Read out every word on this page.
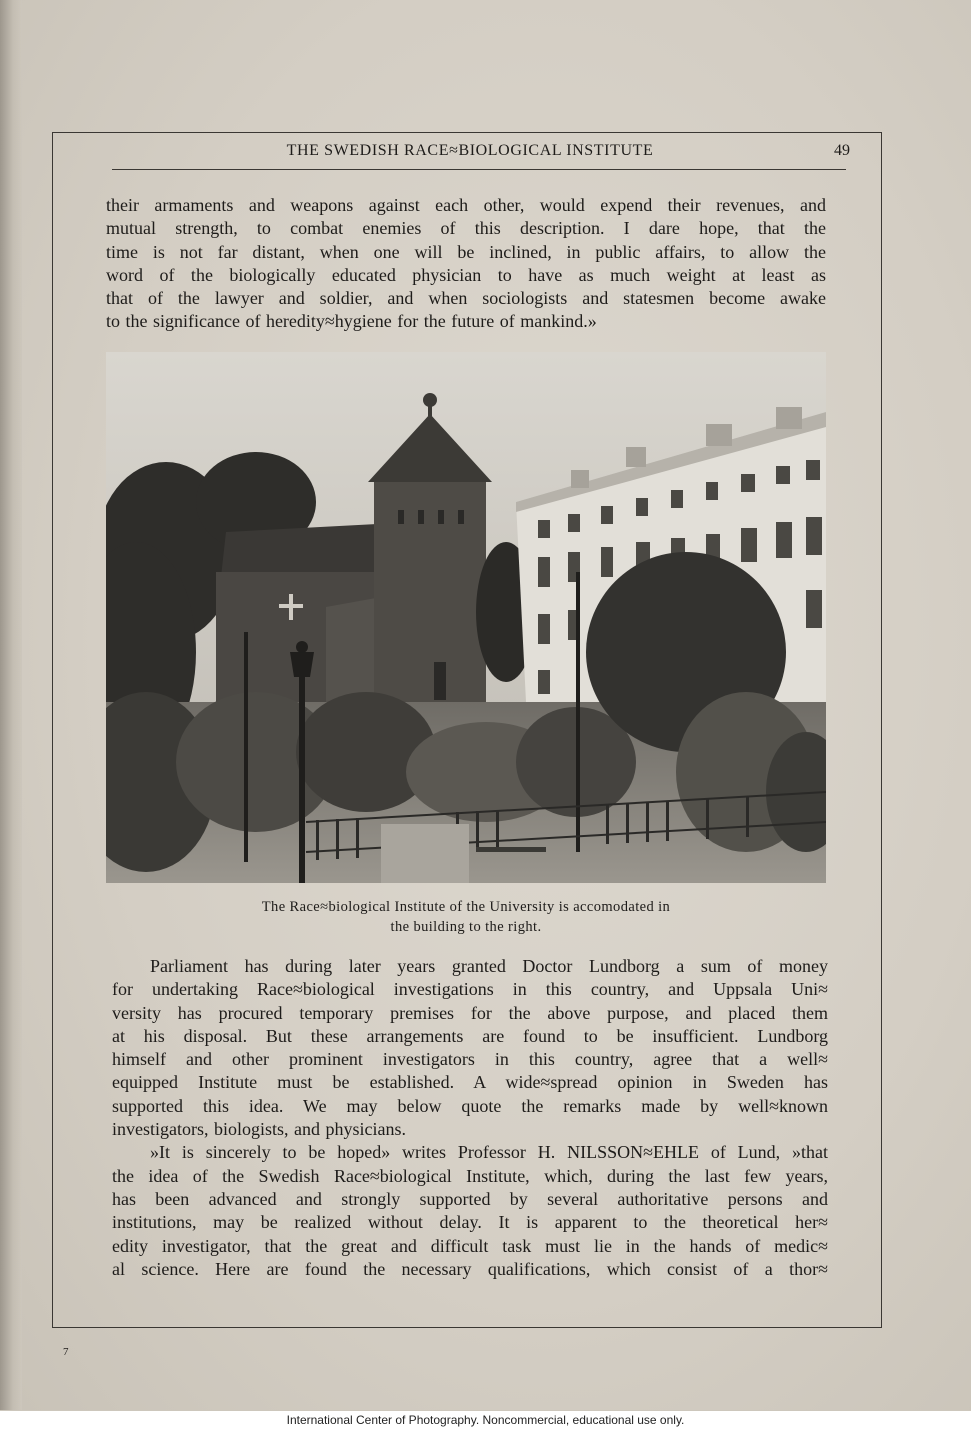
THE SWEDISH RACE≈BIOLOGICAL INSTITUTE	49
their armaments and weapons against each other, would expend their revenues, and
mutual strength, to combat enemies of this description. I dare hope, that the
time is not far distant, when one will be inclined, in public affairs, to allow the
word of the biologically educated physician to have as much weight at least as
that of the lawyer and soldier, and when sociologists and statesmen become awake
to the significance of heredity≈hygiene for the future of mankind.»
The Race≈biological Institute of the University is accomodated in
the building to the right.
Parliament has during later years granted Doctor Lundborg a sum of money
for undertaking Race≈biological investigations in this country, and Uppsala Uni≈
versity has procured temporary premises for the above purpose, and placed them
at his disposal. But these arrangements are found to be insufficient. Lundborg
himself and other prominent investigators in this country, agree that a well≈
equipped Institute must be established. A wide≈spread opinion in Sweden has
supported this idea. We may below quote the remarks made by well≈known
investigators, biologists, and physicians.
»It is sincerely to be hoped» writes Professor H. NILSSON≈EHLE of Lund, »that
the idea of the Swedish Race≈biological Institute, which, during the last few years,
has been advanced and strongly supported by several authoritative persons and
institutions, may be realized without delay. It is apparent to the theoretical her≈
edity investigator, that the great and difficult task must lie in the hands of medic≈
al science. Here are found the necessary qualifications, which consist of a thor≈
7
International Center of Photography. Noncommercial, educational use only.
